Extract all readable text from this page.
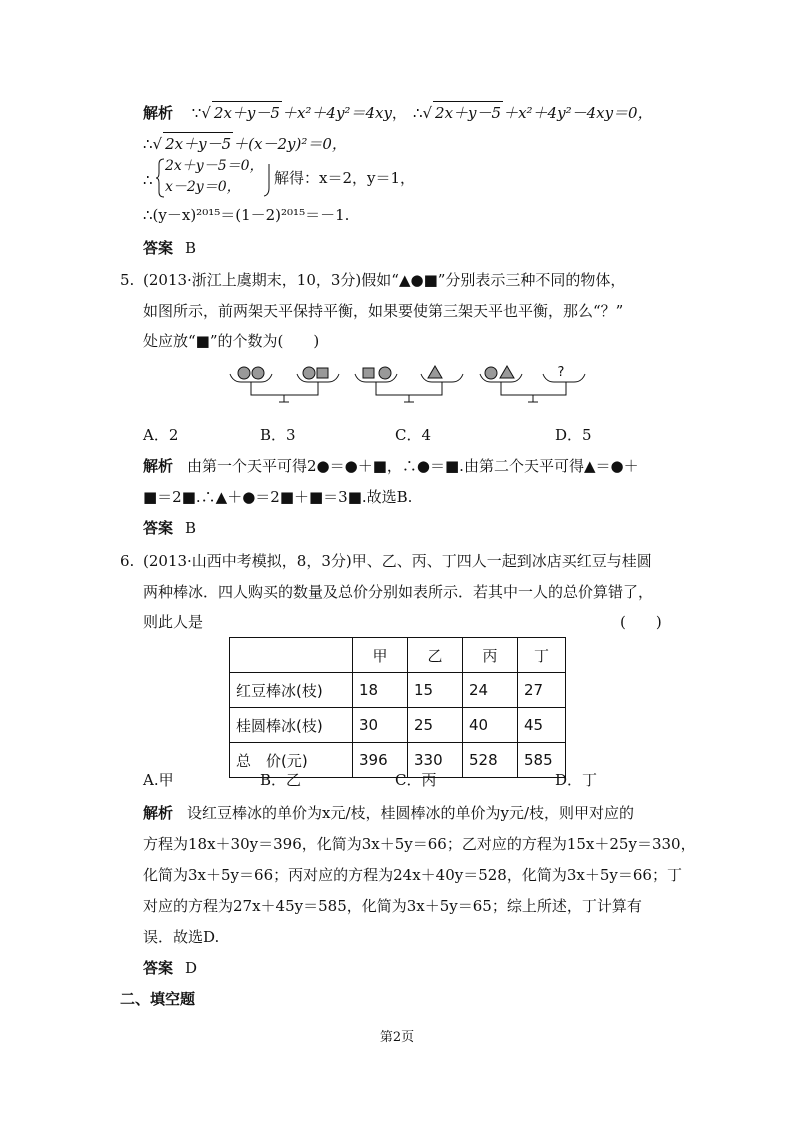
解析 ∵√ 2x＋y－5 ＋x²＋4y²＝4xy， ∴√ 2x＋y－5 ＋x²＋4y²－4xy＝0，
∴√ 2x＋y－5 ＋(x－2y)²＝0，
∴
2x＋y－5＝0，
x－2y＝0， 解得：x＝2，y＝1，
∴(y－x)²⁰¹⁵＝(1－2)²⁰¹⁵＝－1.
答案 B
5. (2013·浙江上虞期末，10，3分)假如“▲●■”分别表示三种不同的物体，
如图所示，前两架天平保持平衡，如果要使第三架天平也平衡，那么“？”
处应放“■”的个数为(　　)
?
A．2	B．3	C．4	D．5
解析 由第一个天平可得2●＝●＋■，∴●＝■.由第二个天平可得▲＝●＋
■＝2■.∴▲＋●＝2■＋■＝3■.故选B.
答案 B
6. (2013·山西中考模拟，8，3分)甲、乙、丙、丁四人一起到冰店买红豆与桂圆
两种棒冰．四人购买的数量及总价分别如表所示．若其中一人的总价算错了，
则此人是	(　　)
	甲	乙	丙	丁
红豆棒冰(枝)	18	15	24	27
桂圆棒冰(枝)	30	25	40	45
总　价(元)	396	330	528	585
A.甲	B．乙	C．丙	D．丁
解析 设红豆棒冰的单价为x元/枝，桂圆棒冰的单价为y元/枝，则甲对应的
方程为18x＋30y＝396，化简为3x＋5y＝66；乙对应的方程为15x＋25y＝330，
化简为3x＋5y＝66；丙对应的方程为24x＋40y＝528，化简为3x＋5y＝66；丁
对应的方程为27x＋45y＝585，化简为3x＋5y＝65；综上所述，丁计算有
误．故选D.
答案 D
二、填空题
第2页
